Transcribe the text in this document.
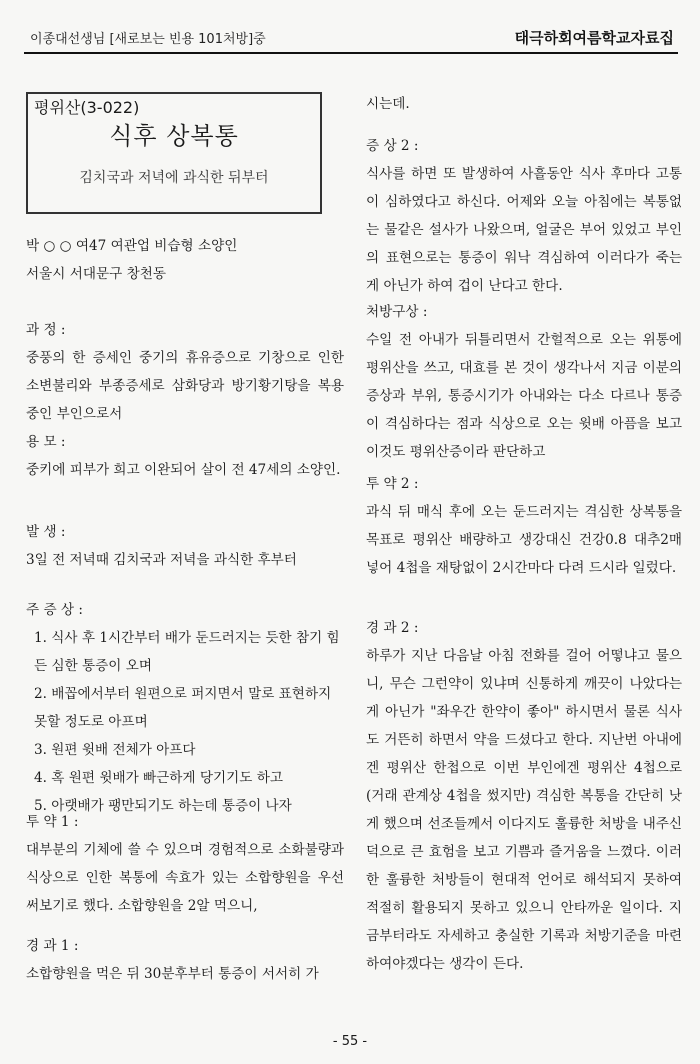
이종대선생님 [새로보는 빈용 101처방]중	태극하회여름학교자료집
평위산(3-022)
식후 상복통
김치국과 저녁에 과식한 뒤부터
박 ○ ○ 여47 여관업 비습형 소양인
서울시 서대문구 창천동
과 정 :
중풍의 한 증세인 중기의 휴유증으로 기창으로 인한 소변불리와 부종증세로 삼화당과 방기황기탕을 복용중인 부인으로서
용 모 :
중키에 피부가 희고 이완되어 살이 전 47세의 소양인.
발 생 :
3일 전 저녁때 김치국과 저녁을 과식한 후부터
주 증 상 :
1. 식사 후 1시간부터 배가 둔드러지는 듯한 참기 힘든 심한 통증이 오며
2. 배꼽에서부터 원편으로 퍼지면서 말로 표현하지 못할 정도로 아프며
3. 원편 윗배 전체가 아프다
4. 혹 원편 윗배가 빠근하게 당기기도 하고
5. 아랫배가 팽만되기도 하는데 통증이 나자
투 약 1 :
대부분의 기체에 쓸 수 있으며 경험적으로 소화불량과 식상으로 인한 복통에 속효가 있는 소합향원을 우선 써보기로 했다. 소합향원을 2알 먹으니,
경 과 1 :
소합향원을 먹은 뒤 30분후부터 통증이 서서히 가
시는데.
증 상 2 :
식사를 하면 또 발생하여 사흘동안 식사 후마다 고통이 심하였다고 하신다. 어제와 오늘 아침에는 복통없는 물같은 설사가 나왔으며, 얼굴은 부어 있었고 부인의 표현으로는 통증이 워낙 격심하여 이러다가 죽는 게 아닌가 하여 겁이 난다고 한다.
처방구상 :
수일 전 아내가 뒤틀리면서 간헐적으로 오는 위통에 평위산을 쓰고, 대효를 본 것이 생각나서 지금 이분의 증상과 부위, 통증시기가 아내와는 다소 다르나 통증이 격심하다는 점과 식상으로 오는 윗배 아픔을 보고 이것도 평위산증이라 판단하고
투 약 2 :
과식 뒤 매식 후에 오는 둔드러지는 격심한 상복통을 목표로 평위산 배량하고 생강대신 건강0.8 대추2매 넣어 4첩을 재탕없이 2시간마다 다려 드시라 일렀다.
경 과 2 :
하루가 지난 다음날 아침 전화를 걸어 어떻냐고 물으니, 무슨 그런약이 있냐며 신통하게 깨끗이 나았다는 게 아닌가 "좌우간 한약이 좋아" 하시면서 물론 식사도 거뜬히 하면서 약을 드셨다고 한다. 지난번 아내에겐 평위산 한첩으로 이번 부인에겐 평위산 4첩으로 (거래 관계상 4첩을 썼지만) 격심한 복통을 간단히 낫게 했으며 선조들께서 이다지도 훌륭한 처방을 내주신 덕으로 큰 효험을 보고 기쁨과 즐거움을 느꼈다. 이러한 훌륭한 처방들이 현대적 언어로 해석되지 못하여 적절히 활용되지 못하고 있으니 안타까운 일이다. 지금부터라도 자세하고 충실한 기록과 처방기준을 마련하여야겠다는 생각이 든다.
- 55 -
